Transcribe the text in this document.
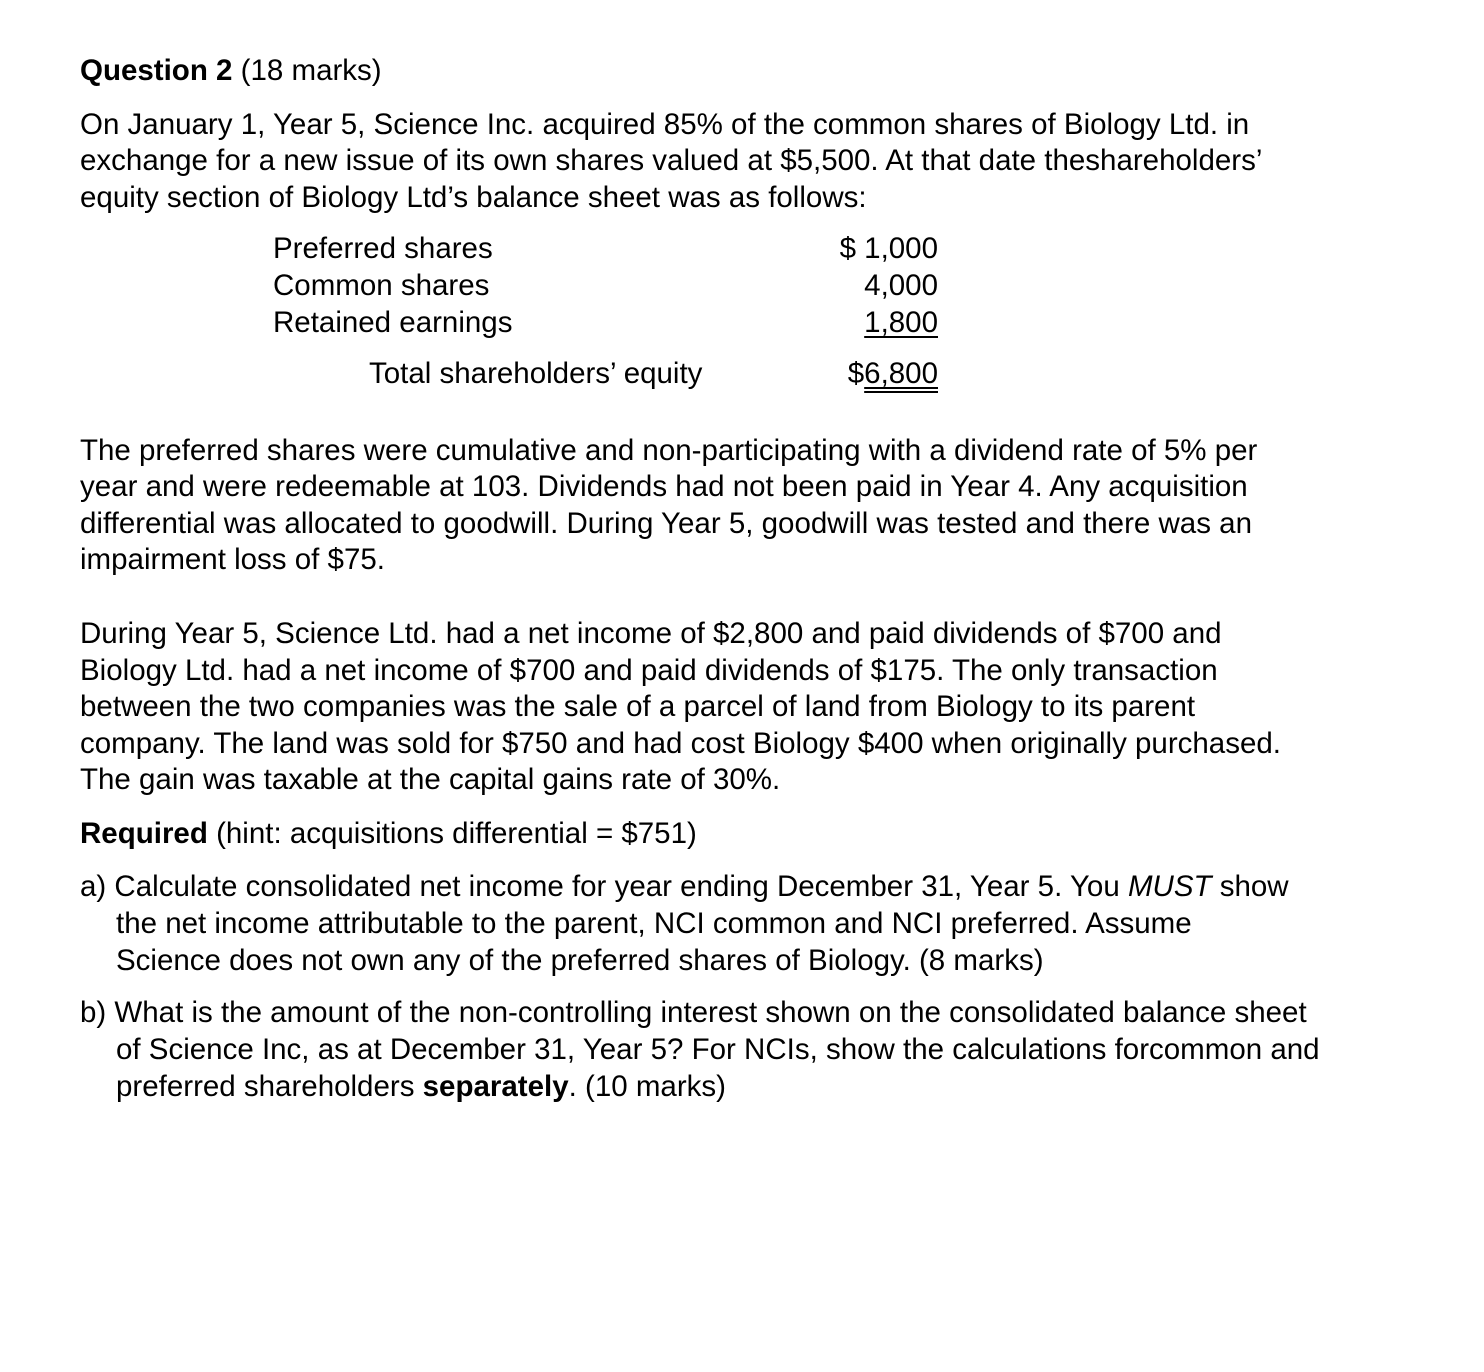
Question 2 (18 marks)
On January 1, Year 5, Science Inc. acquired 85% of the common shares of Biology Ltd. in
exchange for a new issue of its own shares valued at $5,500. At that date theshareholders’
equity section of Biology Ltd’s balance sheet was as follows:
Preferred shares	$ 1,000
Common shares	4,000
Retained earnings	1,800
Total shareholders’ equity	$6,800
The preferred shares were cumulative and non-participating with a dividend rate of 5% per
year and were redeemable at 103. Dividends had not been paid in Year 4. Any acquisition
differential was allocated to goodwill. During Year 5, goodwill was tested and there was an
impairment loss of $75.
During Year 5, Science Ltd. had a net income of $2,800 and paid dividends of $700 and
Biology Ltd. had a net income of $700 and paid dividends of $175. The only transaction
between the two companies was the sale of a parcel of land from Biology to its parent
company. The land was sold for $750 and had cost Biology $400 when originally purchased.
The gain was taxable at the capital gains rate of 30%.
Required (hint: acquisitions differential = $751)
a) Calculate consolidated net income for year ending December 31, Year 5. You MUST show
the net income attributable to the parent, NCI common and NCI preferred. Assume
Science does not own any of the preferred shares of Biology. (8 marks)
b) What is the amount of the non-controlling interest shown on the consolidated balance sheet
of Science Inc, as at December 31, Year 5? For NCIs, show the calculations forcommon and
preferred shareholders separately. (10 marks)
